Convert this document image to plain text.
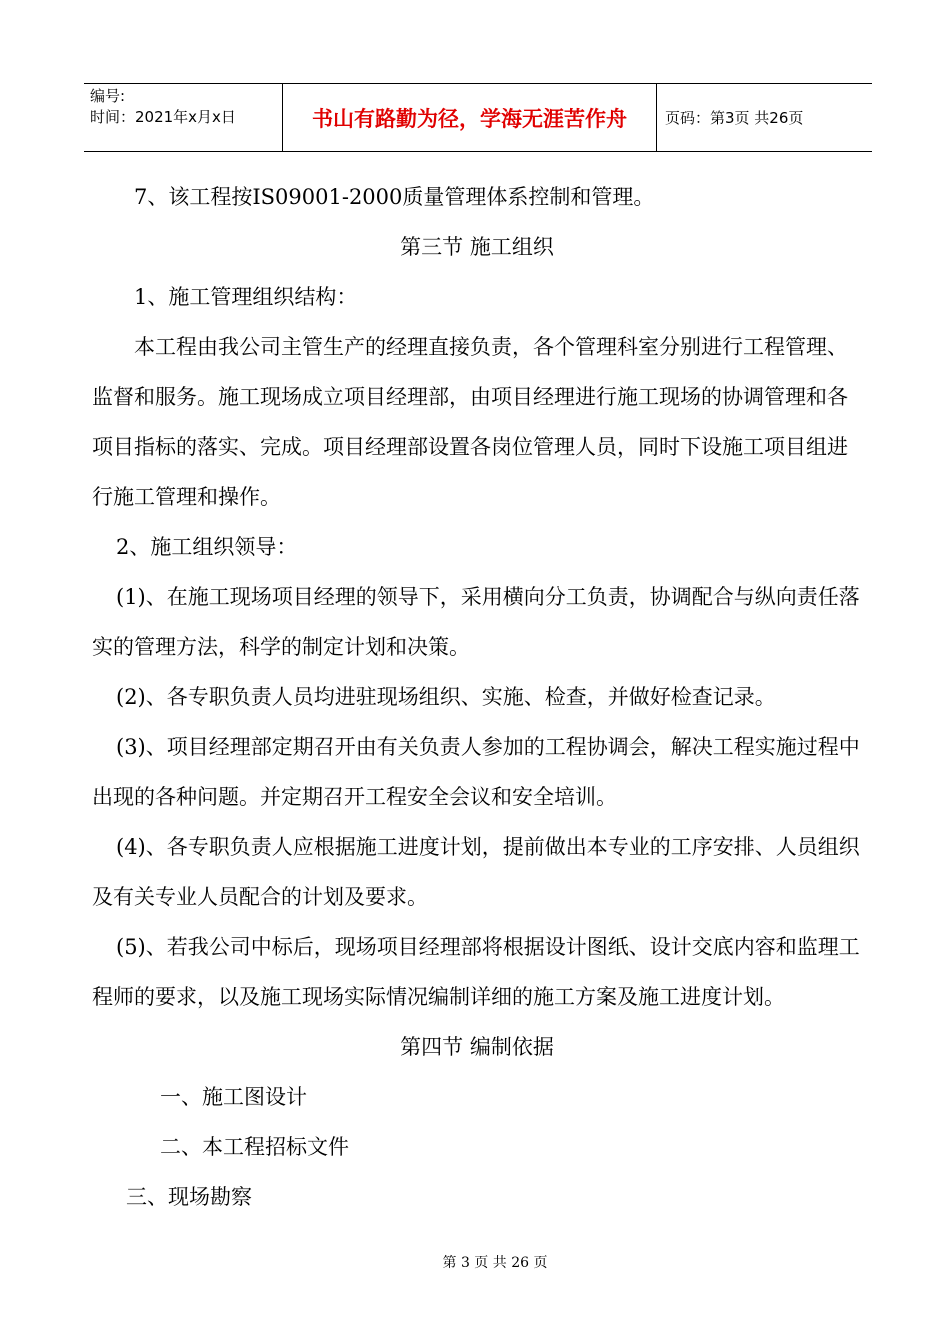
编号:
时间：2021年x月x日	书山有路勤为径，学海无涯苦作舟	页码：第3页 共26页

7、该工程按IS09001-2000质量管理体系控制和管理。

第三节 施工组织

1、施工管理组织结构：

本工程由我公司主管生产的经理直接负责，各个管理科室分别进行工程管理、监督和服务。施工现场成立项目经理部，由项目经理进行施工现场的协调管理和各项目指标的落实、完成。项目经理部设置各岗位管理人员，同时下设施工项目组进行施工管理和操作。

2、施工组织领导：

(1)、在施工现场项目经理的领导下，采用横向分工负责，协调配合与纵向责任落实的管理方法，科学的制定计划和决策。

(2)、各专职负责人员均进驻现场组织、实施、检查，并做好检查记录。

(3)、项目经理部定期召开由有关负责人参加的工程协调会，解决工程实施过程中出现的各种问题。并定期召开工程安全会议和安全培训。

(4)、各专职负责人应根据施工进度计划，提前做出本专业的工序安排、人员组织及有关专业人员配合的计划及要求。

(5)、若我公司中标后，现场项目经理部将根据设计图纸、设计交底内容和监理工程师的要求，以及施工现场实际情况编制详细的施工方案及施工进度计划。

第四节 编制依据

一、施工图设计

二、本工程招标文件

三、现场勘察

第 3 页 共 26 页
